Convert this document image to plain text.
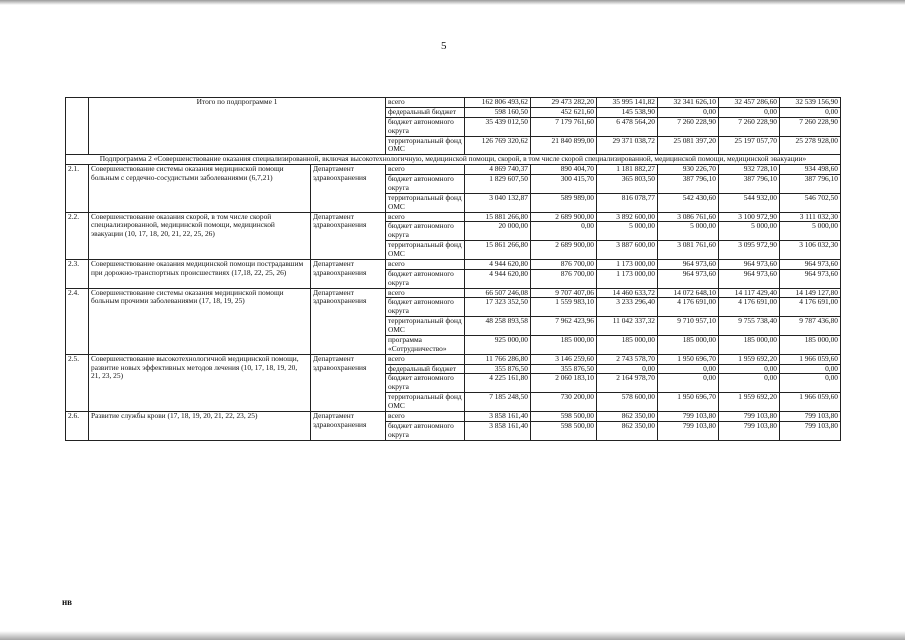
5
	Итого по подпрограмме 1		всего	162 806 493,62	29 473 282,20	35 995 141,82	32 341 626,10	32 457 286,60	32 539 156,90
			федеральный бюджет	598 160,50	452 621,60	145 538,90	0,00	0,00	0,00
			бюджет автономного округа	35 439 012,50	7 179 761,60	6 478 564,20	7 260 228,90	7 260 228,90	7 260 228,90
			территориальный фонд ОМС	126 769 320,62	21 840 899,00	29 371 038,72	25 081 397,20	25 197 057,70	25 278 928,00
Подпрограмма 2 «Совершенствование оказания специализированной, включая высокотехнологичную, медицинской помощи, скорой, в том числе скорой специализированной, медицинской помощи, медицинской эвакуации»									
2.1.	Совершенствование системы оказания медицинской помощи больным с сердечно-сосудистыми заболеваниями (6,7,21)	Департамент здравоохранения	всего	4 869 740,37	890 404,70	1 181 882,27	930 226,70	932 728,10	934 498,60
			бюджет автономного округа	1 829 607,50	300 415,70	365 803,50	387 796,10	387 796,10	387 796,10
			территориальный фонд ОМС	3 040 132,87	589 989,00	816 078,77	542 430,60	544 932,00	546 702,50
2.2.	Совершенствование оказания скорой, в том числе скорой специализированной, медицинской помощи, медицинской эвакуации (10, 17, 18, 20, 21, 22, 25, 26)	Департамент здравоохранения	всего	15 881 266,80	2 689 900,00	3 892 600,00	3 086 761,60	3 100 972,90	3 111 032,30
			бюджет автономного округа	20 000,00	0,00	5 000,00	5 000,00	5 000,00	5 000,00
			территориальный фонд ОМС	15 861 266,80	2 689 900,00	3 887 600,00	3 081 761,60	3 095 972,90	3 106 032,30
2.3.	Совершенствование оказания медицинской помощи пострадавшим при дорожно-транспортных происшествиях (17,18, 22, 25, 26)	Департамент здравоохранения	всего	4 944 620,80	876 700,00	1 173 000,00	964 973,60	964 973,60	964 973,60
			бюджет автономного округа	4 944 620,80	876 700,00	1 173 000,00	964 973,60	964 973,60	964 973,60
2.4.	Совершенствование системы оказания медицинской помощи больным прочими заболеваниями (17, 18, 19, 25)	Департамент здравоохранения	всего	66 507 246,08	9 707 407,06	14 460 633,72	14 072 648,10	14 117 429,40	14 149 127,80
			бюджет автономного округа	17 323 352,50	1 559 983,10	3 233 296,40	4 176 691,00	4 176 691,00	4 176 691,00
			территориальный фонд ОМС	48 258 893,58	7 962 423,96	11 042 337,32	9 710 957,10	9 755 738,40	9 787 436,80
			программа «Сотрудничество»	925 000,00	185 000,00	185 000,00	185 000,00	185 000,00	185 000,00
2.5.	Совершенствование высокотехнологичной медицинской помощи, развитие новых эффективных методов лечения (10, 17, 18, 19, 20, 21, 23, 25)	Департамент здравоохранения	всего	11 766 286,80	3 146 259,60	2 743 578,70	1 950 696,70	1 959 692,20	1 966 059,60
			федеральный бюджет	355 876,50	355 876,50	0,00	0,00	0,00	0,00
			бюджет автономного округа	4 225 161,80	2 060 183,10	2 164 978,70	0,00	0,00	0,00
			территориальный фонд ОМС	7 185 248,50	730 200,00	578 600,00	1 950 696,70	1 959 692,20	1 966 059,60
2.6.	Развитие службы крови (17, 18, 19, 20, 21, 22, 23, 25)	Департамент здравоохранения	всего	3 858 161,40	598 500,00	862 350,00	799 103,80	799 103,80	799 103,80
			бюджет автономного округа	3 858 161,40	598 500,00	862 350,00	799 103,80	799 103,80	799 103,80
нв
